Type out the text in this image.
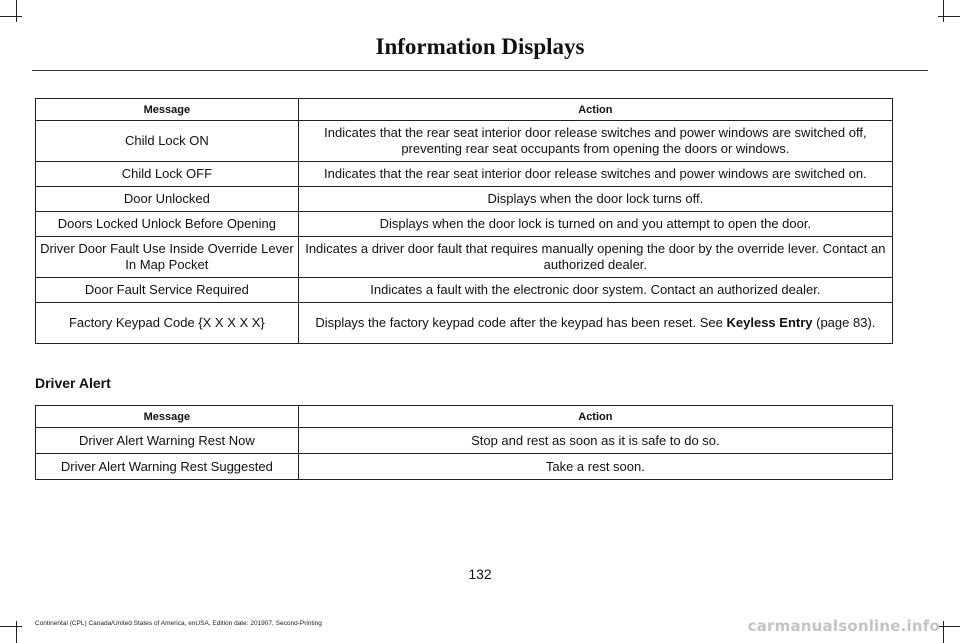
Information Displays
Message	Action
Child Lock ON	Indicates that the rear seat interior door release switches and power windows are switched off, preventing rear seat occupants from opening the doors or windows.
Child Lock OFF	Indicates that the rear seat interior door release switches and power windows are switched on.
Door Unlocked	Displays when the door lock turns off.
Doors Locked Unlock Before Opening	Displays when the door lock is turned on and you attempt to open the door.
Driver Door Fault Use Inside Override Lever In Map Pocket	Indicates a driver door fault that requires manually opening the door by the override lever. Contact an authorized dealer.
Door Fault Service Required	Indicates a fault with the electronic door system. Contact an authorized dealer.
Factory Keypad Code {X X X X X}	Displays the factory keypad code after the keypad has been reset. See Keyless Entry (page 83).
Driver Alert
Message	Action
Driver Alert Warning Rest Now	Stop and rest as soon as it is safe to do so.
Driver Alert Warning Rest Suggested	Take a rest soon.
132
Continental (CPL) Canada/United States of America, enUSA, Edition date: 201907, Second-Printing	carmanualsonline.info
